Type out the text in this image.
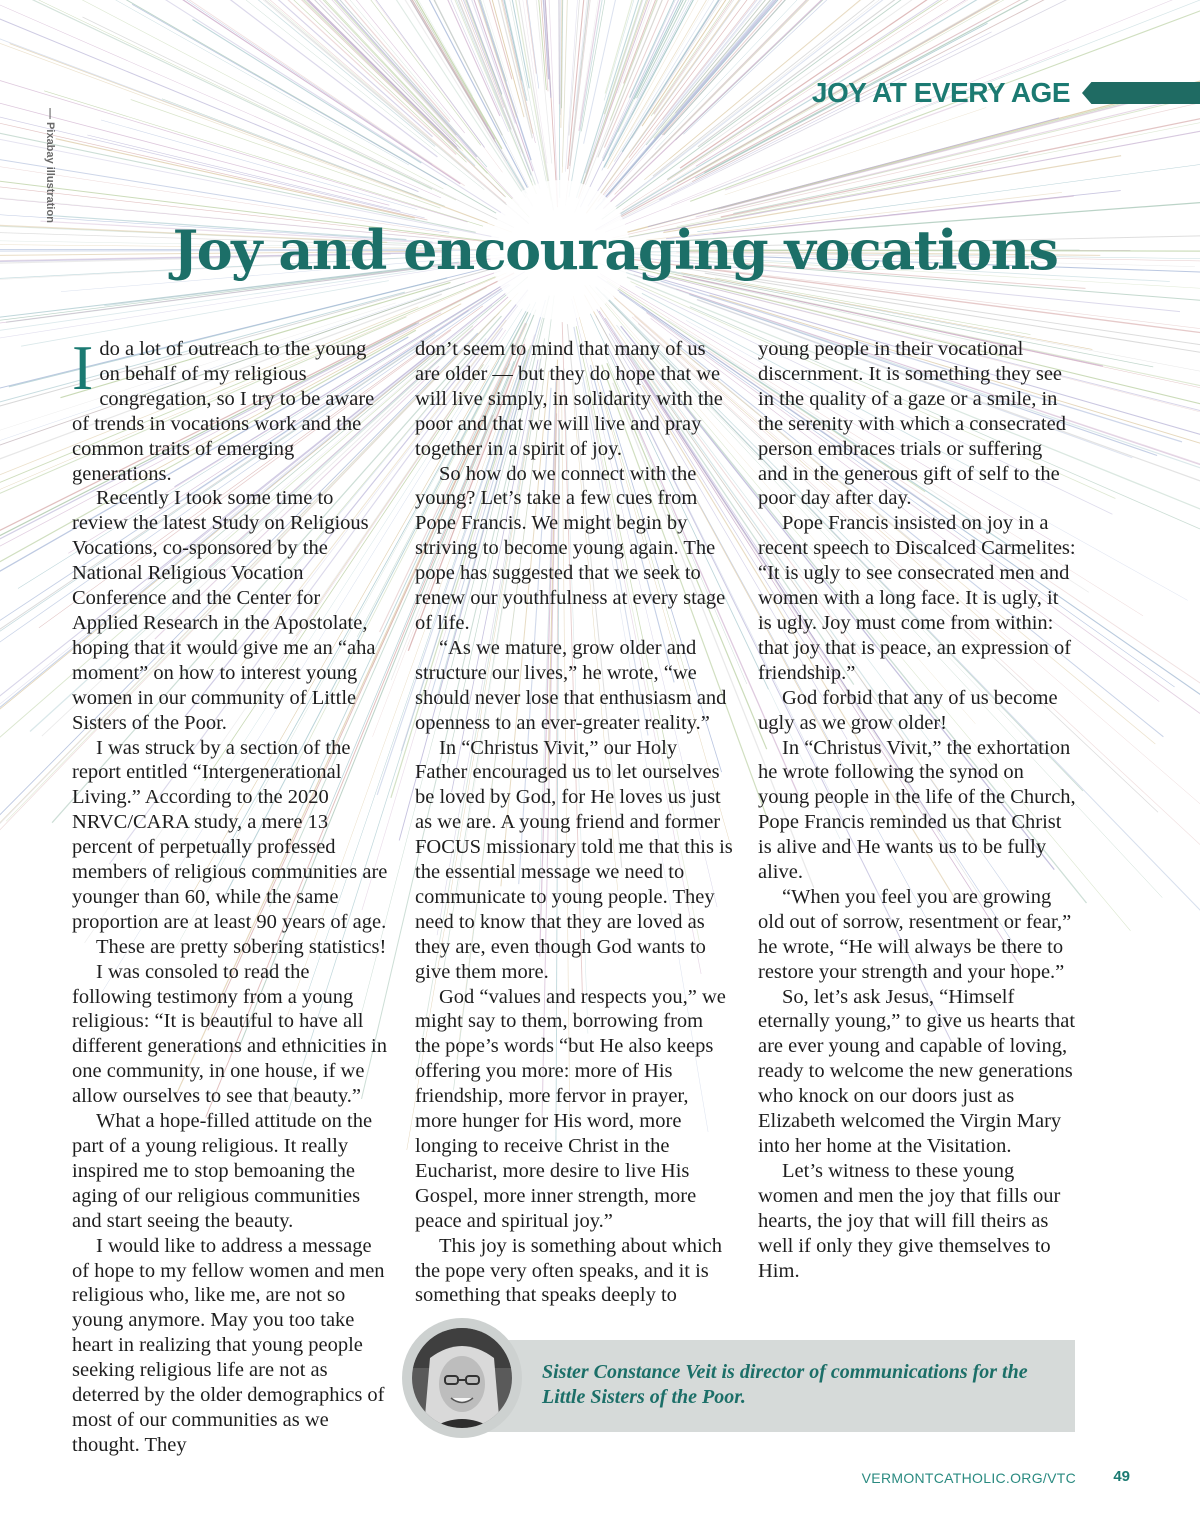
JOY AT EVERY AGE
— Pixabay illustration
Joy and encouraging vocations

Ido a lot of outreach to the young on behalf of my religious congregation, so I try to be aware of trends in vocations work and the common traits of emerging generations.

Recently I took some time to review the latest Study on Religious Vocations, co-sponsored by the National Religious Vocation Conference and the Center for Applied Research in the Apostolate, hoping that it would give me an “aha moment” on how to interest young women in our community of Little Sisters of the Poor.

I was struck by a section of the report entitled “Intergenerational Living.” According to the 2020 NRVC/CARA study, a mere 13 percent of perpetually professed members of religious communities are younger than 60, while the same proportion are at least 90 years of age.

These are pretty sobering statistics!

I was consoled to read the following testimony from a young religious: “It is beautiful to have all different generations and ethnicities in one community, in one house, if we allow ourselves to see that beauty.”

What a hope-filled attitude on the part of a young religious. It really inspired me to stop bemoaning the aging of our religious communities and start seeing the beauty.

I would like to address a message of hope to my fellow women and men religious who, like me, are not so young anymore. May you too take heart in realizing that young people seeking religious life are not as deterred by the older demographics of most of our communities as we thought. They

don’t seem to mind that many of us are older — but they do hope that we will live simply, in solidarity with the poor and that we will live and pray together in a spirit of joy.

So how do we connect with the young? Let’s take a few cues from Pope Francis. We might begin by striving to become young again. The pope has suggested that we seek to renew our youthfulness at every stage of life.

“As we mature, grow older and structure our lives,” he wrote, “we should never lose that enthusiasm and openness to an ever-greater reality.”

In “Christus Vivit,” our Holy Father encouraged us to let ourselves be loved by God, for He loves us just as we are. A young friend and former FOCUS missionary told me that this is the essential message we need to communicate to young people. They need to know that they are loved as they are, even though God wants to give them more.

God “values and respects you,” we might say to them, borrowing from the pope’s words “but He also keeps offering you more: more of His friendship, more fervor in prayer, more hunger for His word, more longing to receive Christ in the Eucharist, more desire to live His Gospel, more inner strength, more peace and spiritual joy.”

This joy is something about which the pope very often speaks, and it is something that speaks deeply to

young people in their vocational discernment. It is something they see in the quality of a gaze or a smile, in the serenity with which a consecrated person embraces trials or suffering and in the generous gift of self to the poor day after day.

Pope Francis insisted on joy in a recent speech to Discalced Carmelites: “It is ugly to see consecrated men and women with a long face. It is ugly, it is ugly. Joy must come from within: that joy that is peace, an expression of friendship.”

God forbid that any of us become ugly as we grow older!

In “Christus Vivit,” the exhortation he wrote following the synod on young people in the life of the Church, Pope Francis reminded us that Christ is alive and He wants us to be fully alive.

“When you feel you are growing old out of sorrow, resentment or fear,” he wrote, “He will always be there to restore your strength and your hope.”

So, let’s ask Jesus, “Himself eternally young,” to give us hearts that are ever young and capable of loving, ready to welcome the new generations who knock on our doors just as Elizabeth welcomed the Virgin Mary into her home at the Visitation.

Let’s witness to these young women and men the joy that fills our hearts, the joy that will fill theirs as well if only they give themselves to Him.

Sister Constance Veit is director of communications for the Little Sisters of the Poor.

VERMONTCATHOLIC.ORG/VTC 49
